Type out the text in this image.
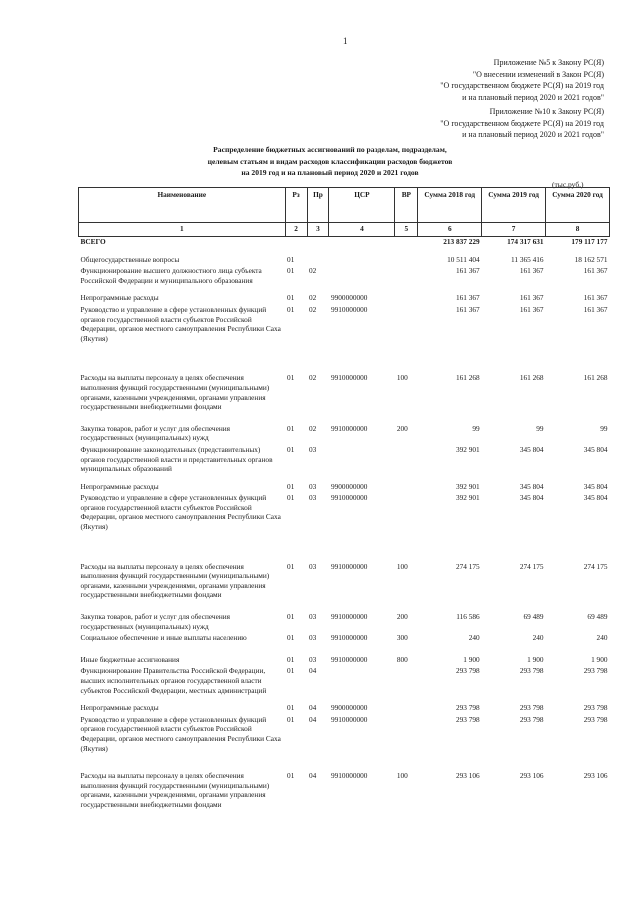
1
Приложение №5 к Закону РС(Я)
"О внесении изменений в Закон РС(Я)
"О государственном бюджете РС(Я) на 2019 год
и на плановый период 2020 и 2021 годов"
Приложение №10 к Закону РС(Я)
"О государственном бюджете РС(Я) на 2019 год
и на плановый период 2020 и 2021 годов"
Распределение бюджетных ассигнований по разделам, подразделам,
целевым статьям и видам расходов классификации расходов бюджетов
на 2019 год и на плановый период 2020 и 2021 годов
(тыс.руб.)
Наименование	Рз	Пр	ЦСР	ВР	Сумма 2018 год	Сумма 2019 год	Сумма 2020 год
1	2	3	4	5	6	7	8
ВСЕГО					213 837 229	174 317 631	179 117 177
Общегосударственные вопросы	01				10 511 404	11 365 416	18 162 571
Функционирование высшего должностного лица субъекта Российской Федерации и муниципального образования	01	02			161 367	161 367	161 367
Непрограммные расходы	01	02	9900000000		161 367	161 367	161 367
Руководство и управление в сфере установленных функций органов государственной власти субъектов Российской Федерации, органов местного самоуправления Республики Саха (Якутия)	01	02	9910000000		161 367	161 367	161 367
Расходы на выплаты персоналу в целях обеспечения выполнения функций государственными (муниципальными) органами, казенными учреждениями, органами управления государственными внебюджетными фондами	01	02	9910000000	100	161 268	161 268	161 268
Закупка товаров, работ и услуг для обеспечения государственных (муниципальных) нужд	01	02	9910000000	200	99	99	99
Функционирование законодательных (представительных) органов государственной власти и представительных органов муниципальных образований	01	03			392 901	345 804	345 804
Непрограммные расходы	01	03	9900000000		392 901	345 804	345 804
Руководство и управление в сфере установленных функций органов государственной власти субъектов Российской Федерации, органов местного самоуправления Республики Саха (Якутия)	01	03	9910000000		392 901	345 804	345 804
Расходы на выплаты персоналу в целях обеспечения выполнения функций государственными (муниципальными) органами, казенными учреждениями, органами управления государственными внебюджетными фондами	01	03	9910000000	100	274 175	274 175	274 175
Закупка товаров, работ и услуг для обеспечения государственных (муниципальных) нужд	01	03	9910000000	200	116 586	69 489	69 489
Социальное обеспечение и иные выплаты населению	01	03	9910000000	300	240	240	240
Иные бюджетные ассигнования	01	03	9910000000	800	1 900	1 900	1 900
Функционирование Правительства Российской Федерации, высших исполнительных органов государственной власти субъектов Российской Федерации, местных администраций	01	04			293 798	293 798	293 798
Непрограммные расходы	01	04	9900000000		293 798	293 798	293 798
Руководство и управление в сфере установленных функций органов государственной власти субъектов Российской Федерации, органов местного самоуправления Республики Саха (Якутия)	01	04	9910000000		293 798	293 798	293 798
Расходы на выплаты персоналу в целях обеспечения выполнения функций государственными (муниципальными) органами, казенными учреждениями, органами управления государственными внебюджетными фондами	01	04	9910000000	100	293 106	293 106	293 106
